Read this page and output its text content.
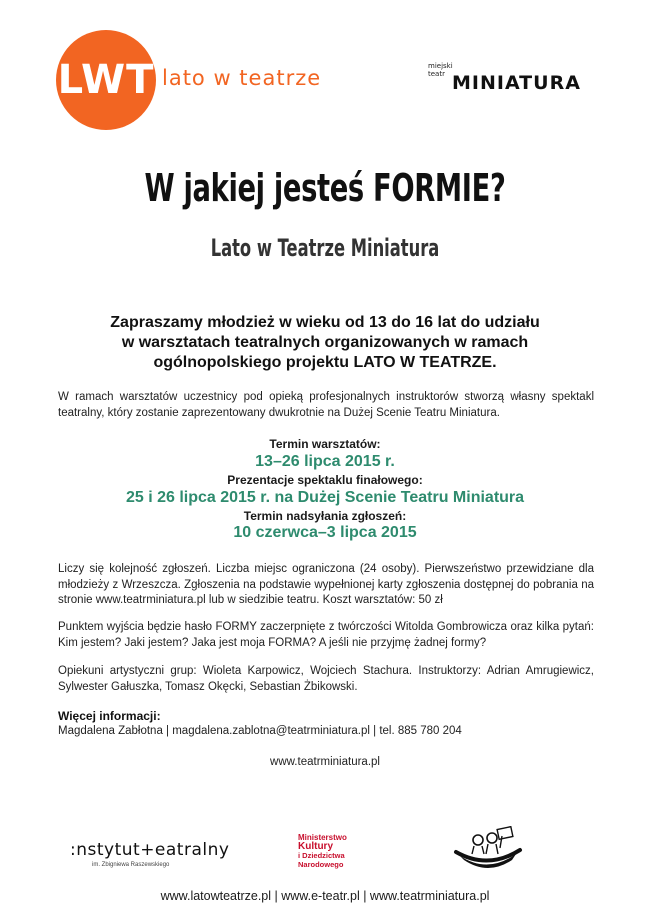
LWT lato w teatrze	miejski teatr MINIATURA
W jakiej jesteś FORMIE?
Lato w Teatrze Miniatura
Zapraszamy młodzież w wieku od 13 do 16 lat do udziału
w warsztatach teatralnych organizowanych w ramach
ogólnopolskiego projektu LATO W TEATRZE.
W ramach warsztatów uczestnicy pod opieką profesjonalnych instruktorów stworzą własny spektakl teatralny, który zostanie zaprezentowany dwukrotnie na Dużej Scenie Teatru Miniatura.
Termin warsztatów:
13–26 lipca 2015 r.
Prezentacje spektaklu finałowego:
25 i 26 lipca 2015 r. na Dużej Scenie Teatru Miniatura
Termin nadsyłania zgłoszeń:
10 czerwca–3 lipca 2015
Liczy się kolejność zgłoszeń. Liczba miejsc ograniczona (24 osoby). Pierwszeństwo przewidziane dla młodzieży z Wrzeszcza. Zgłoszenia na podstawie wypełnionej karty zgłoszenia dostępnej do pobrania na stronie www.teatrminiatura.pl lub w siedzibie teatru. Koszt warsztatów: 50 zł
Punktem wyjścia będzie hasło FORMY zaczerpnięte z twórczości Witolda Gombrowicza oraz kilka pytań: Kim jestem? Jaki jestem? Jaka jest moja FORMA? A jeśli nie przyjmę żadnej formy?
Opiekuni artystyczni grup: Wioleta Karpowicz, Wojciech Stachura. Instruktorzy: Adrian Amrugiewicz, Sylwester Gałuszka, Tomasz Okęcki, Sebastian Żbikowski.
Więcej informacji:
Magdalena Zabłotna | magdalena.zablotna@teatrminiatura.pl | tel. 885 780 204
www.teatrminiatura.pl
:nstytut+eatralny
im. Zbigniewa Raszewskiego
Ministerstwo
Kultury
i Dziedzictwa
Narodowego
www.latowteatrze.pl | www.e-teatr.pl | www.teatrminiatura.pl
